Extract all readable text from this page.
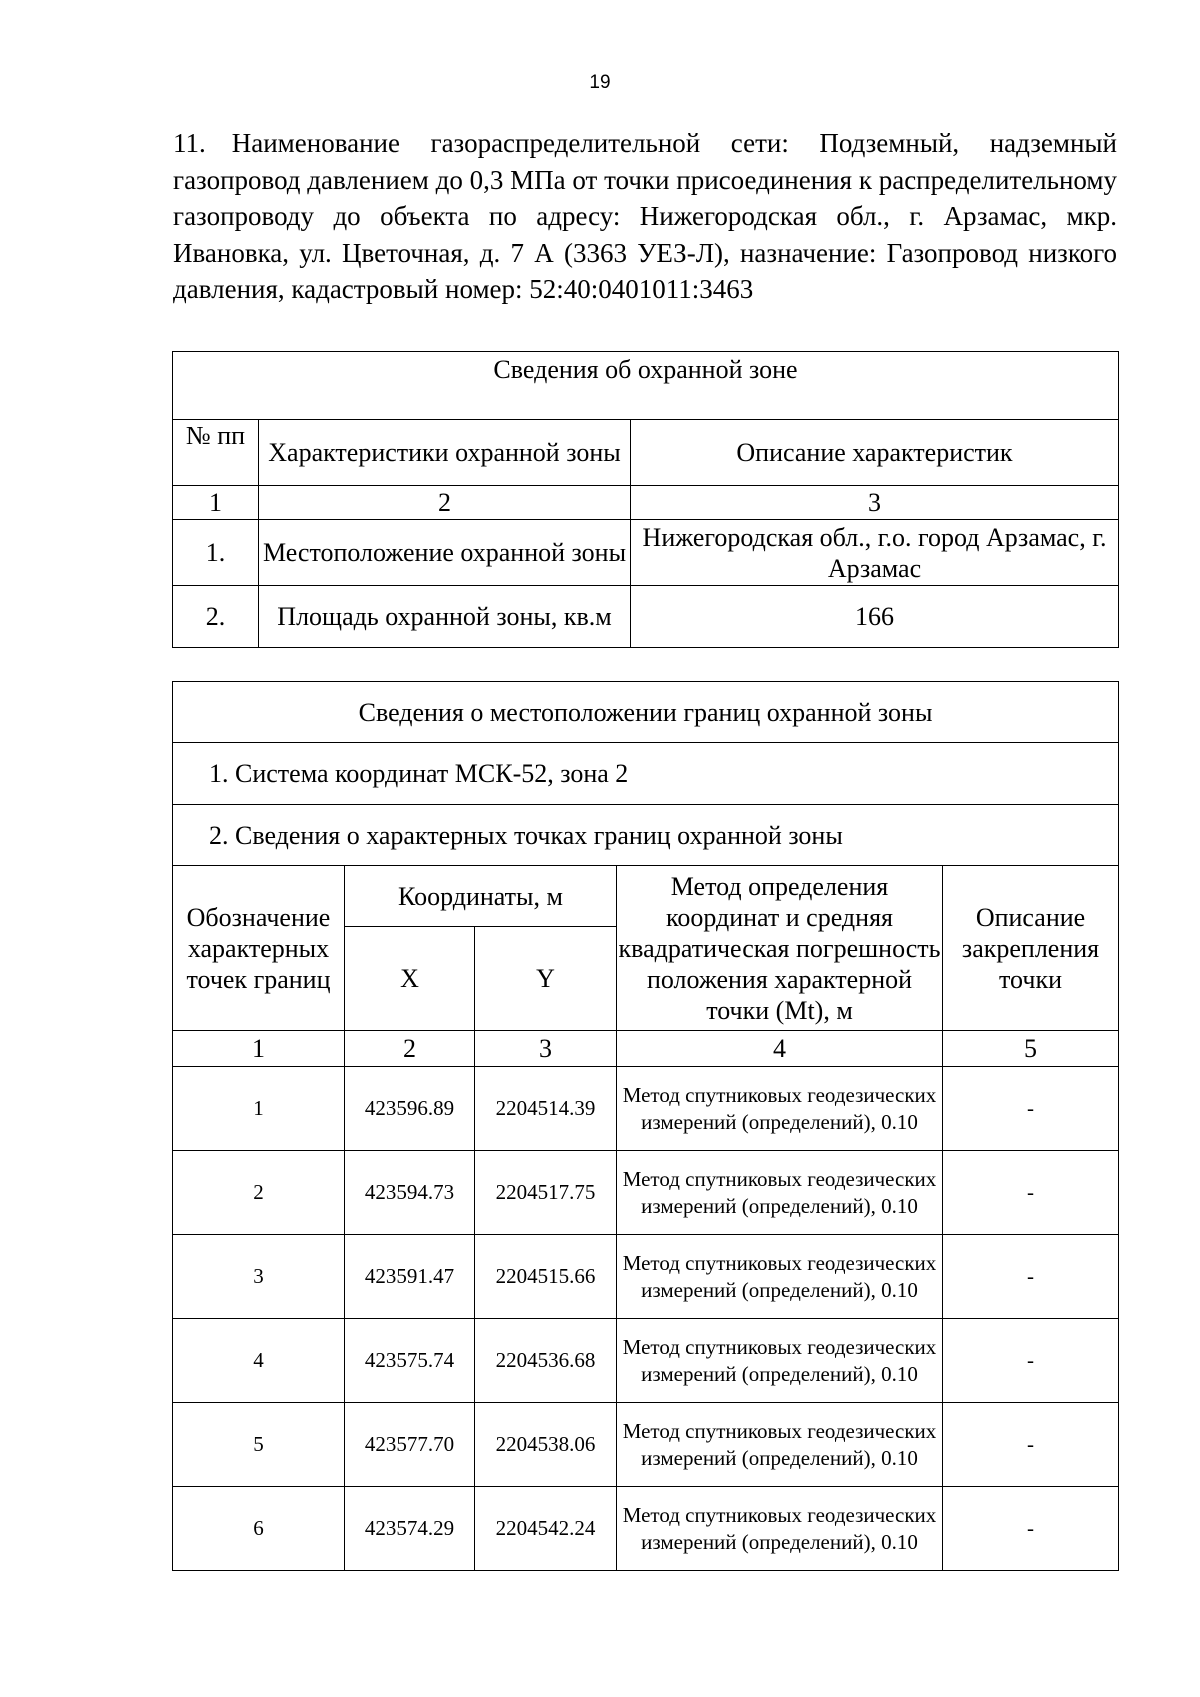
19
11. Наименование газораспределительной сети: Подземный, надземный газопровод давлением до 0,3 МПа от точки присоединения к распределительному газопроводу до объекта по адресу: Нижегородская обл., г. Арзамас, мкр. Ивановка, ул. Цветочная, д. 7 А (3363 УЕЗ-Л), назначение: Газопровод низкого давления, кадастровый номер: 52:40:0401011:3463
Сведения об охранной зоне		
№ пп	Характеристики охранной зоны	Описание характеристик
1	2	3
1.	Местоположение охранной зоны	Нижегородская обл., г.о. город Арзамас, г. Арзамас
2.	Площадь охранной зоны, кв.м	166
Сведения о местоположении границ охранной зоны				
1. Система координат МСК-52, зона 2				
2. Сведения о характерных точках границ охранной зоны				
Обозначение характерных точек границ	Координаты, м		Метод определения координат и средняя квадратическая погрешность положения характерной точки (Mt), м	Описание закрепления точки
	X	Y		
1	2	3	4	5
1	423596.89	2204514.39	Метод спутниковых геодезических измерений (определений), 0.10	-
2	423594.73	2204517.75	Метод спутниковых геодезических измерений (определений), 0.10	-
3	423591.47	2204515.66	Метод спутниковых геодезических измерений (определений), 0.10	-
4	423575.74	2204536.68	Метод спутниковых геодезических измерений (определений), 0.10	-
5	423577.70	2204538.06	Метод спутниковых геодезических измерений (определений), 0.10	-
6	423574.29	2204542.24	Метод спутниковых геодезических измерений (определений), 0.10	-
